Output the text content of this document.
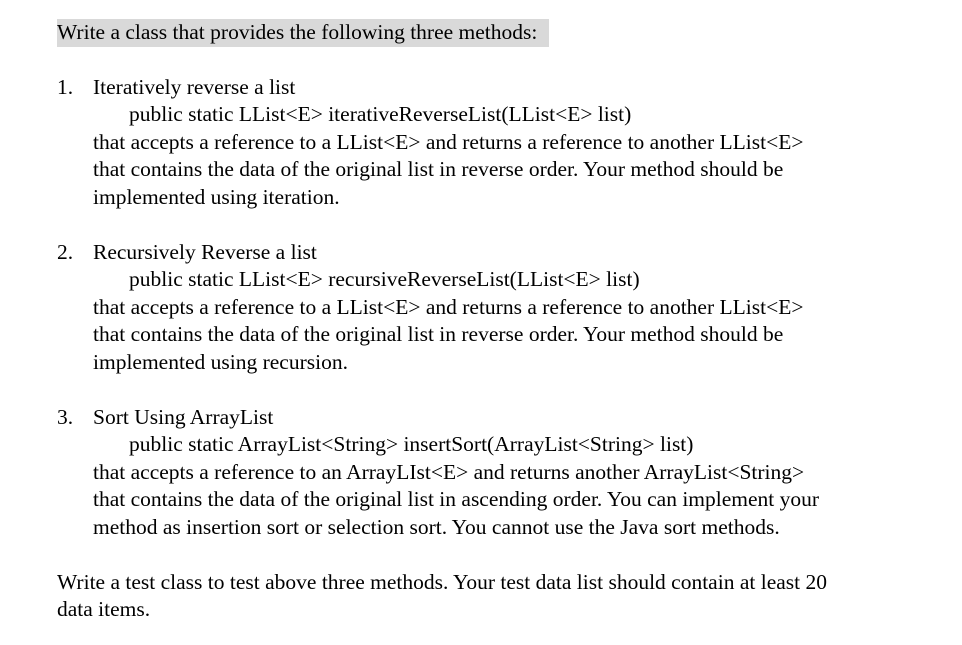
Write a class that provides the following three methods:
1. Iteratively reverse a list
public static LList<E> iterativeReverseList(LList<E> list)
that accepts a reference to a LList<E> and returns a reference to another LList<E>
that contains the data of the original list in reverse order. Your method should be
implemented using iteration.
2. Recursively Reverse a list
public static LList<E> recursiveReverseList(LList<E> list)
that accepts a reference to a LList<E> and returns a reference to another LList<E>
that contains the data of the original list in reverse order. Your method should be
implemented using recursion.
3. Sort Using ArrayList
public static ArrayList<String> insertSort(ArrayList<String> list)
that accepts a reference to an ArrayLIst<E> and returns another ArrayList<String>
that contains the data of the original list in ascending order. You can implement your
method as insertion sort or selection sort. You cannot use the Java sort methods.
Write a test class to test above three methods. Your test data list should contain at least 20
data items.
